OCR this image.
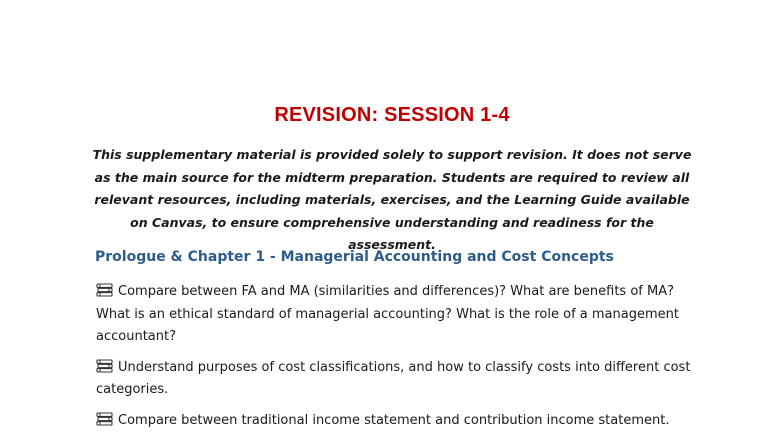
REVISION: SESSION 1-4
This supplementary material is provided solely to support revision. It does not serve as the main source for the midterm preparation. Students are required to review all relevant resources, including materials, exercises, and the Learning Guide available on Canvas, to ensure comprehensive understanding and readiness for the assessment.
Prologue & Chapter 1 - Managerial Accounting and Cost Concepts

Compare between FA and MA (similarities and differences)? What are benefits of MA? What is an ethical standard of managerial accounting? What is the role of a management accountant?

Understand purposes of cost classifications, and how to classify costs into different cost categories.

Compare between traditional income statement and contribution income statement.
